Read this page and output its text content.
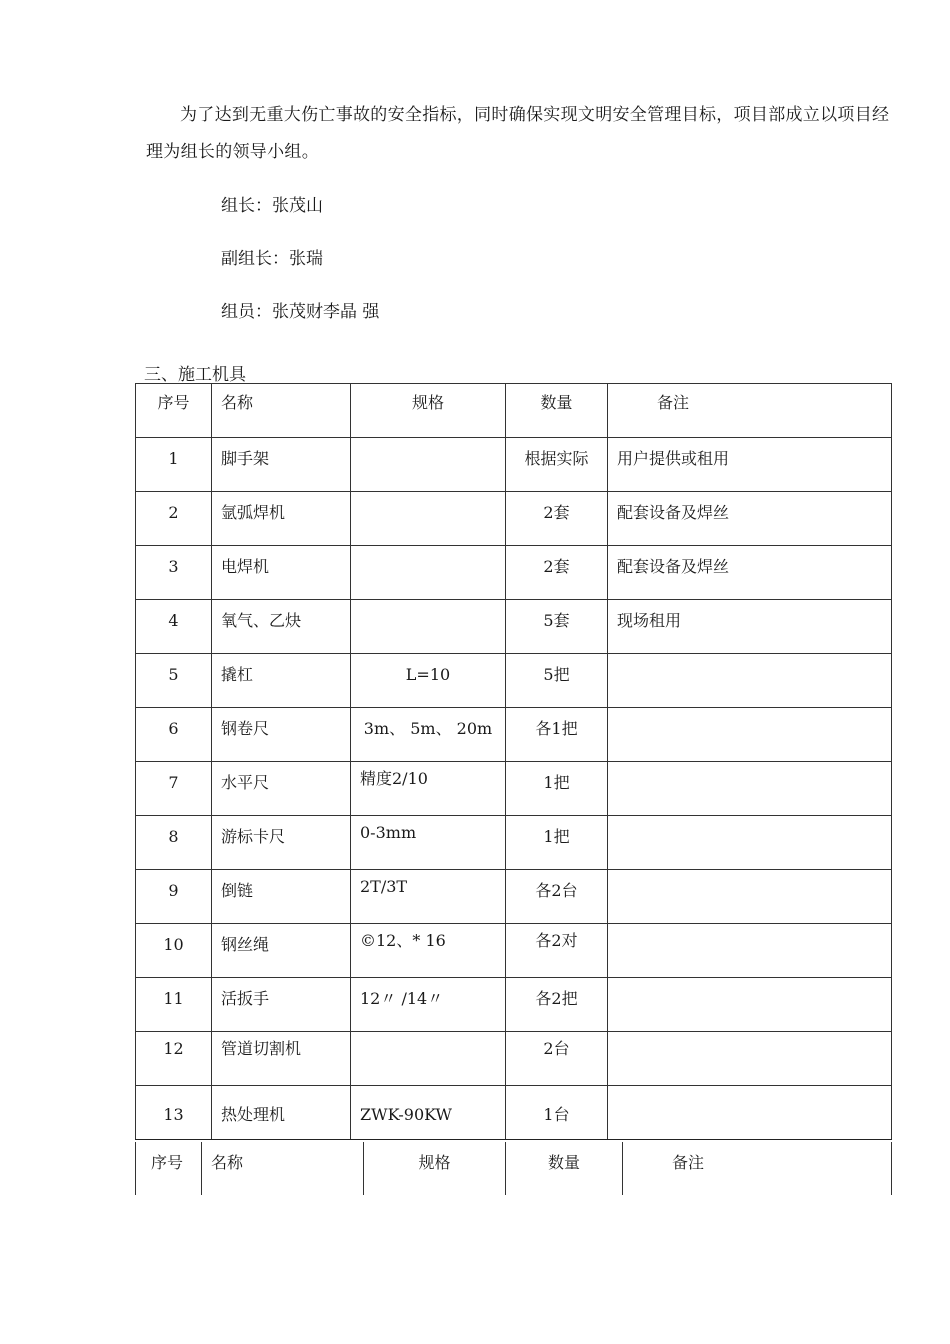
为了达到无重大伤亡事故的安全指标，同时确保实现文明安全管理目标，项目部成立以项目经理为组长的领导小组。
组长：张茂山
副组长：张瑞
组员：张茂财李晶 强
三、施工机具
序号	名称	规格	数量	备注

1	脚手架		根据实际	用户提供或租用

2	氩弧焊机		2套	配套设备及焊丝

3	电焊机		2套	配套设备及焊丝

4	氧气、乙炔		5套	现场租用

5	撬杠	L=10	5把	

6	钢卷尺	3m、 5m、 20m	各1把	

7	水平尺	精度2/10	1把	

8	游标卡尺	0-3mm	1把	

9	倒链	2T/3T	各2台	

10	钢丝绳	©12、* 16	各2对	

11	活扳手	12〃 /14〃	各2把	

12	管道切割机		2台	

13	热处理机	ZWK-90KW	1台	

序号	名称	规格	数量	备注
